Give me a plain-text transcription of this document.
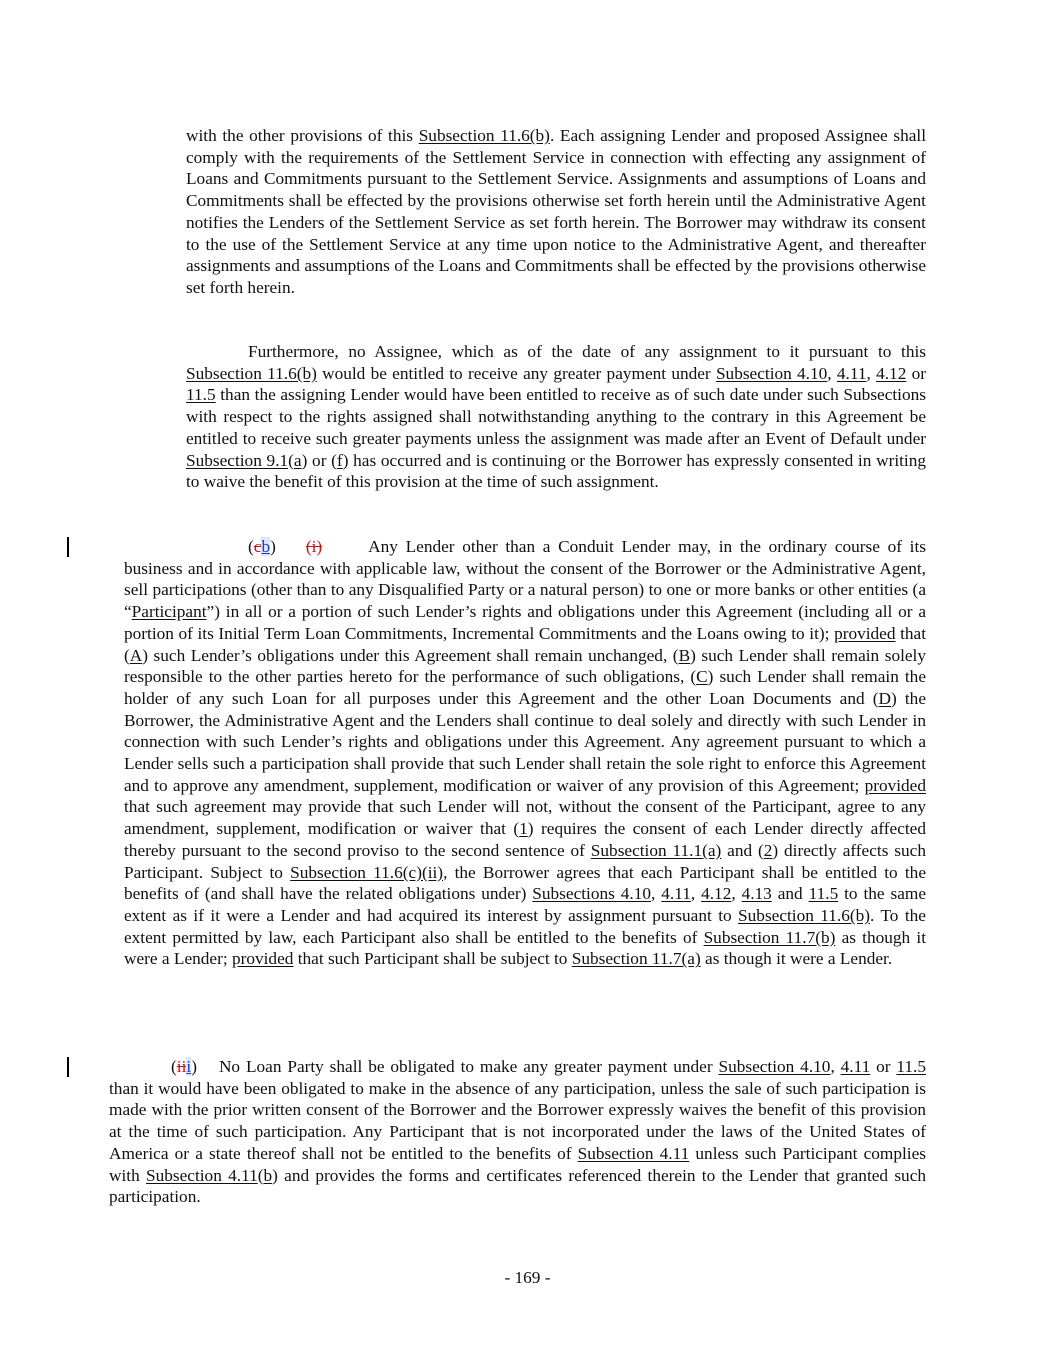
with the other provisions of this Subsection 11.6(b). Each assigning Lender and proposed Assignee shall comply with the requirements of the Settlement Service in connection with effecting any assignment of Loans and Commitments pursuant to the Settlement Service. Assignments and assumptions of Loans and Commitments shall be effected by the provisions otherwise set forth herein until the Administrative Agent notifies the Lenders of the Settlement Service as set forth herein. The Borrower may withdraw its consent to the use of the Settlement Service at any time upon notice to the Administrative Agent, and thereafter assignments and assumptions of the Loans and Commitments shall be effected by the provisions otherwise set forth herein.

Furthermore, no Assignee, which as of the date of any assignment to it pursuant to this Subsection 11.6(b) would be entitled to receive any greater payment under Subsection 4.10, 4.11, 4.12 or 11.5 than the assigning Lender would have been entitled to receive as of such date under such Subsections with respect to the rights assigned shall notwithstanding anything to the contrary in this Agreement be entitled to receive such greater payments unless the assignment was made after an Event of Default under Subsection 9.1(a) or (f) has occurred and is continuing or the Borrower has expressly consented in writing to waive the benefit of this provision at the time of such assignment.

(cb) (i)	Any Lender other than a Conduit Lender may, in the ordinary course of its business and in accordance with applicable law, without the consent of the Borrower or the Administrative Agent, sell participations (other than to any Disqualified Party or a natural person) to one or more banks or other entities (a “Participant”) in all or a portion of such Lender’s rights and obligations under this Agreement (including all or a portion of its Initial Term Loan Commitments, Incremental Commitments and the Loans owing to it); provided that (A) such Lender’s obligations under this Agreement shall remain unchanged, (B) such Lender shall remain solely responsible to the other parties hereto for the performance of such obligations, (C) such Lender shall remain the holder of any such Loan for all purposes under this Agreement and the other Loan Documents and (D) the Borrower, the Administrative Agent and the Lenders shall continue to deal solely and directly with such Lender in connection with such Lender’s rights and obligations under this Agreement. Any agreement pursuant to which a Lender sells such a participation shall provide that such Lender shall retain the sole right to enforce this Agreement and to approve any amendment, supplement, modification or waiver of any provision of this Agreement; provided that such agreement may provide that such Lender will not, without the consent of the Participant, agree to any amendment, supplement, modification or waiver that (1) requires the consent of each Lender directly affected thereby pursuant to the second proviso to the second sentence of Subsection 11.1(a) and (2) directly affects such Participant. Subject to Subsection 11.6(c)(ii), the Borrower agrees that each Participant shall be entitled to the benefits of (and shall have the related obligations under) Subsections 4.10, 4.11, 4.12, 4.13 and 11.5 to the same extent as if it were a Lender and had acquired its interest by assignment pursuant to Subsection 11.6(b). To the extent permitted by law, each Participant also shall be entitled to the benefits of Subsection 11.7(b) as though it were a Lender; provided that such Participant shall be subject to Subsection 11.7(a) as though it were a Lender.

(iii) No Loan Party shall be obligated to make any greater payment under Subsection 4.10, 4.11 or 11.5 than it would have been obligated to make in the absence of any participation, unless the sale of such participation is made with the prior written consent of the Borrower and the Borrower expressly waives the benefit of this provision at the time of such participation. Any Participant that is not incorporated under the laws of the United States of America or a state thereof shall not be entitled to the benefits of Subsection 4.11 unless such Participant complies with Subsection 4.11(b) and provides the forms and certificates referenced therein to the Lender that granted such participation.

- 169 -
